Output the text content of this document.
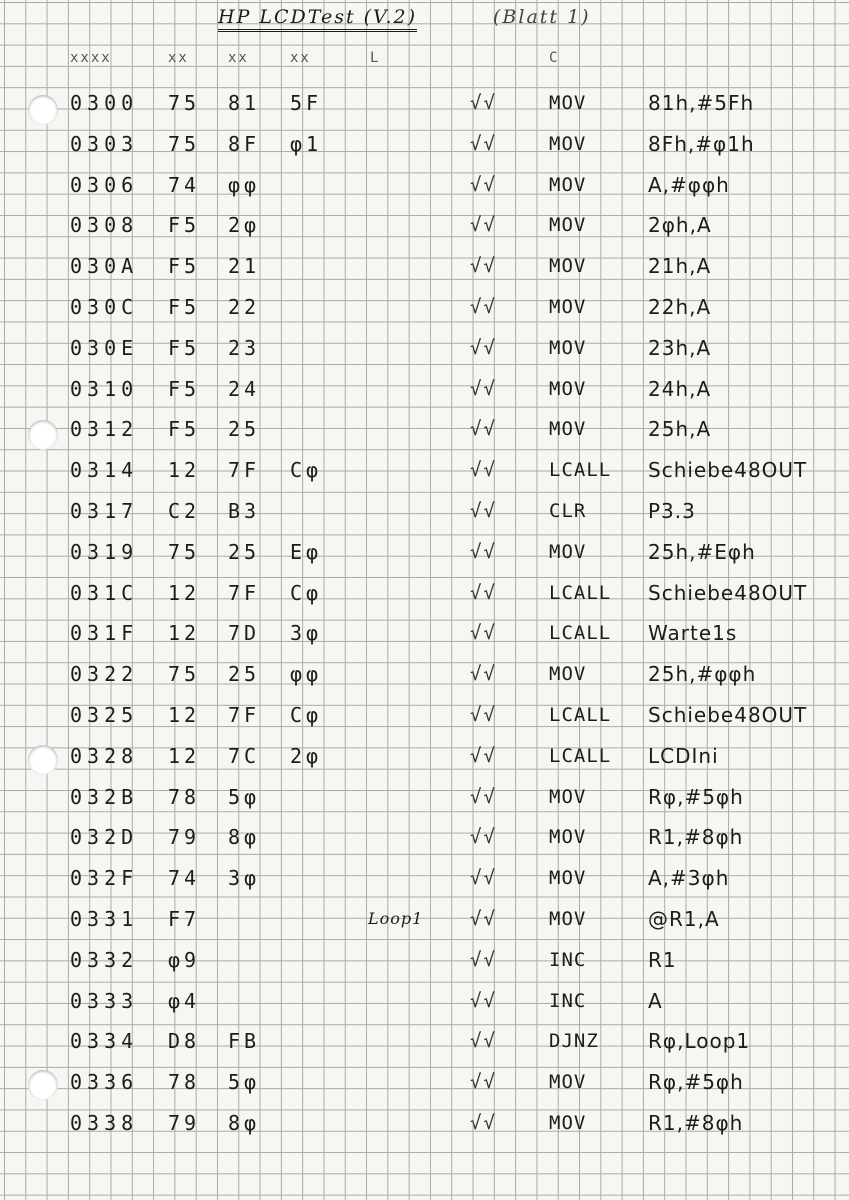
HP LCDTest (V.2)	(Blatt 1)
xxxx	xx	xx	xx	L	C
0300 75 81 5F	√√	MOV	81h,#5Fh
0303 75 8F φ1	√√	MOV	8Fh,#φ1h
0306 74 φφ	√√	MOV	A,#φφh
0308 F5 2φ	√√	MOV	2φh,A
030A F5 21	√√	MOV	21h,A
030C F5 22	√√	MOV	22h,A
030E F5 23	√√	MOV	23h,A
0310 F5 24	√√	MOV	24h,A
0312 F5 25	√√	MOV	25h,A
0314 12 7F Cφ	√√	LCALL Schiebe48OUT
0317 C2 B3	√√	CLR	P3.3
0319 75 25 Eφ	√√	MOV	25h,#Eφh
031C 12 7F Cφ	√√	LCALL Schiebe48OUT
031F 12 7D 3φ	√√	LCALL Warte1s
0322 75 25 φφ	√√	MOV	25h,#φφh
0325 12 7F Cφ	√√	LCALL Schiebe48OUT
0328 12 7C 2φ	√√	LCALL LCDIni
032B 78 5φ	√√	MOV	Rφ,#5φh
032D 79 8φ	√√	MOV	R1,#8φh
032F 74 3φ	√√	MOV	A,#3φh
0331 F7	Loop1 √√	MOV	@R1,A
0332 φ9	√√	INC	R1
0333 φ4	√√	INC	A
0334 D8 FB	√√	DJNZ Rφ,Loop1
0336 78 5φ	√√	MOV	Rφ,#5φh
0338 79 8φ	√√	MOV	R1,#8φh
